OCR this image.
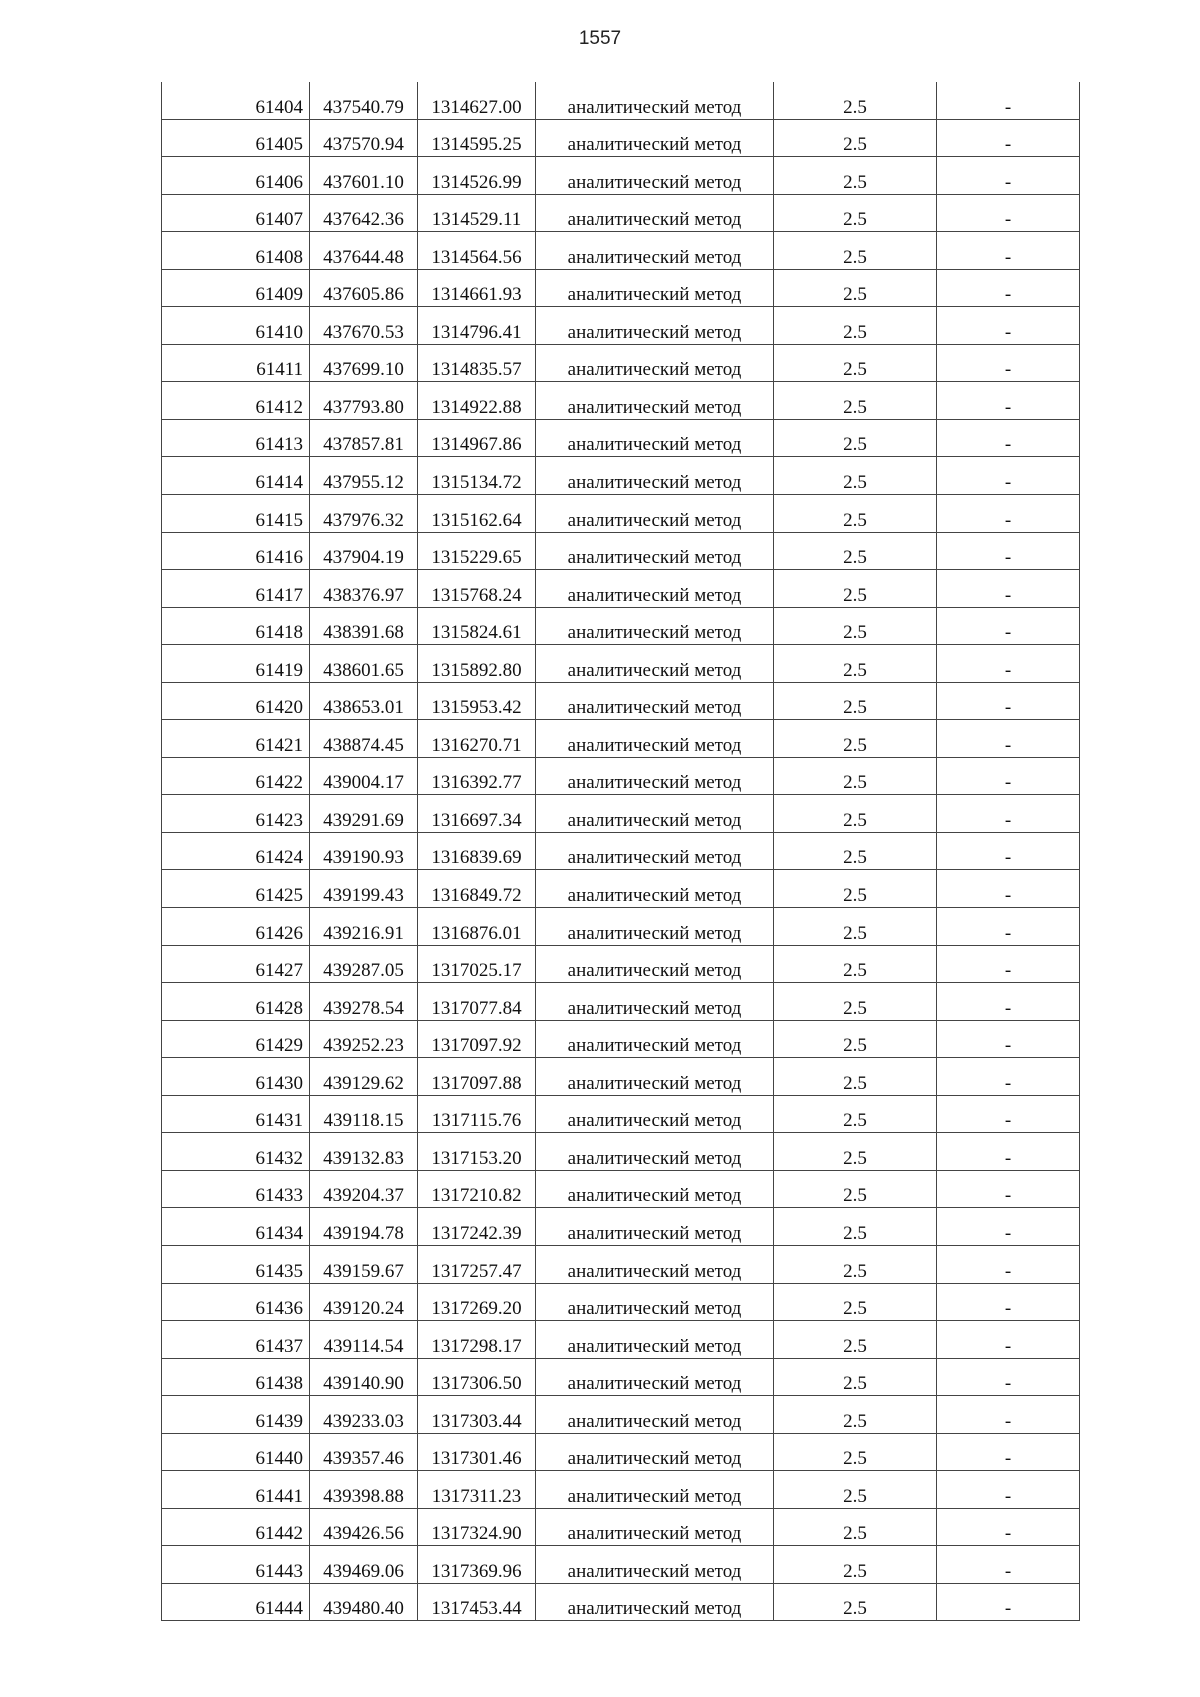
1557
61404	437540.79	1314627.00	аналитический метод	2.5	-
61405	437570.94	1314595.25	аналитический метод	2.5	-
61406	437601.10	1314526.99	аналитический метод	2.5	-
61407	437642.36	1314529.11	аналитический метод	2.5	-
61408	437644.48	1314564.56	аналитический метод	2.5	-
61409	437605.86	1314661.93	аналитический метод	2.5	-
61410	437670.53	1314796.41	аналитический метод	2.5	-
61411	437699.10	1314835.57	аналитический метод	2.5	-
61412	437793.80	1314922.88	аналитический метод	2.5	-
61413	437857.81	1314967.86	аналитический метод	2.5	-
61414	437955.12	1315134.72	аналитический метод	2.5	-
61415	437976.32	1315162.64	аналитический метод	2.5	-
61416	437904.19	1315229.65	аналитический метод	2.5	-
61417	438376.97	1315768.24	аналитический метод	2.5	-
61418	438391.68	1315824.61	аналитический метод	2.5	-
61419	438601.65	1315892.80	аналитический метод	2.5	-
61420	438653.01	1315953.42	аналитический метод	2.5	-
61421	438874.45	1316270.71	аналитический метод	2.5	-
61422	439004.17	1316392.77	аналитический метод	2.5	-
61423	439291.69	1316697.34	аналитический метод	2.5	-
61424	439190.93	1316839.69	аналитический метод	2.5	-
61425	439199.43	1316849.72	аналитический метод	2.5	-
61426	439216.91	1316876.01	аналитический метод	2.5	-
61427	439287.05	1317025.17	аналитический метод	2.5	-
61428	439278.54	1317077.84	аналитический метод	2.5	-
61429	439252.23	1317097.92	аналитический метод	2.5	-
61430	439129.62	1317097.88	аналитический метод	2.5	-
61431	439118.15	1317115.76	аналитический метод	2.5	-
61432	439132.83	1317153.20	аналитический метод	2.5	-
61433	439204.37	1317210.82	аналитический метод	2.5	-
61434	439194.78	1317242.39	аналитический метод	2.5	-
61435	439159.67	1317257.47	аналитический метод	2.5	-
61436	439120.24	1317269.20	аналитический метод	2.5	-
61437	439114.54	1317298.17	аналитический метод	2.5	-
61438	439140.90	1317306.50	аналитический метод	2.5	-
61439	439233.03	1317303.44	аналитический метод	2.5	-
61440	439357.46	1317301.46	аналитический метод	2.5	-
61441	439398.88	1317311.23	аналитический метод	2.5	-
61442	439426.56	1317324.90	аналитический метод	2.5	-
61443	439469.06	1317369.96	аналитический метод	2.5	-
61444	439480.40	1317453.44	аналитический метод	2.5	-
